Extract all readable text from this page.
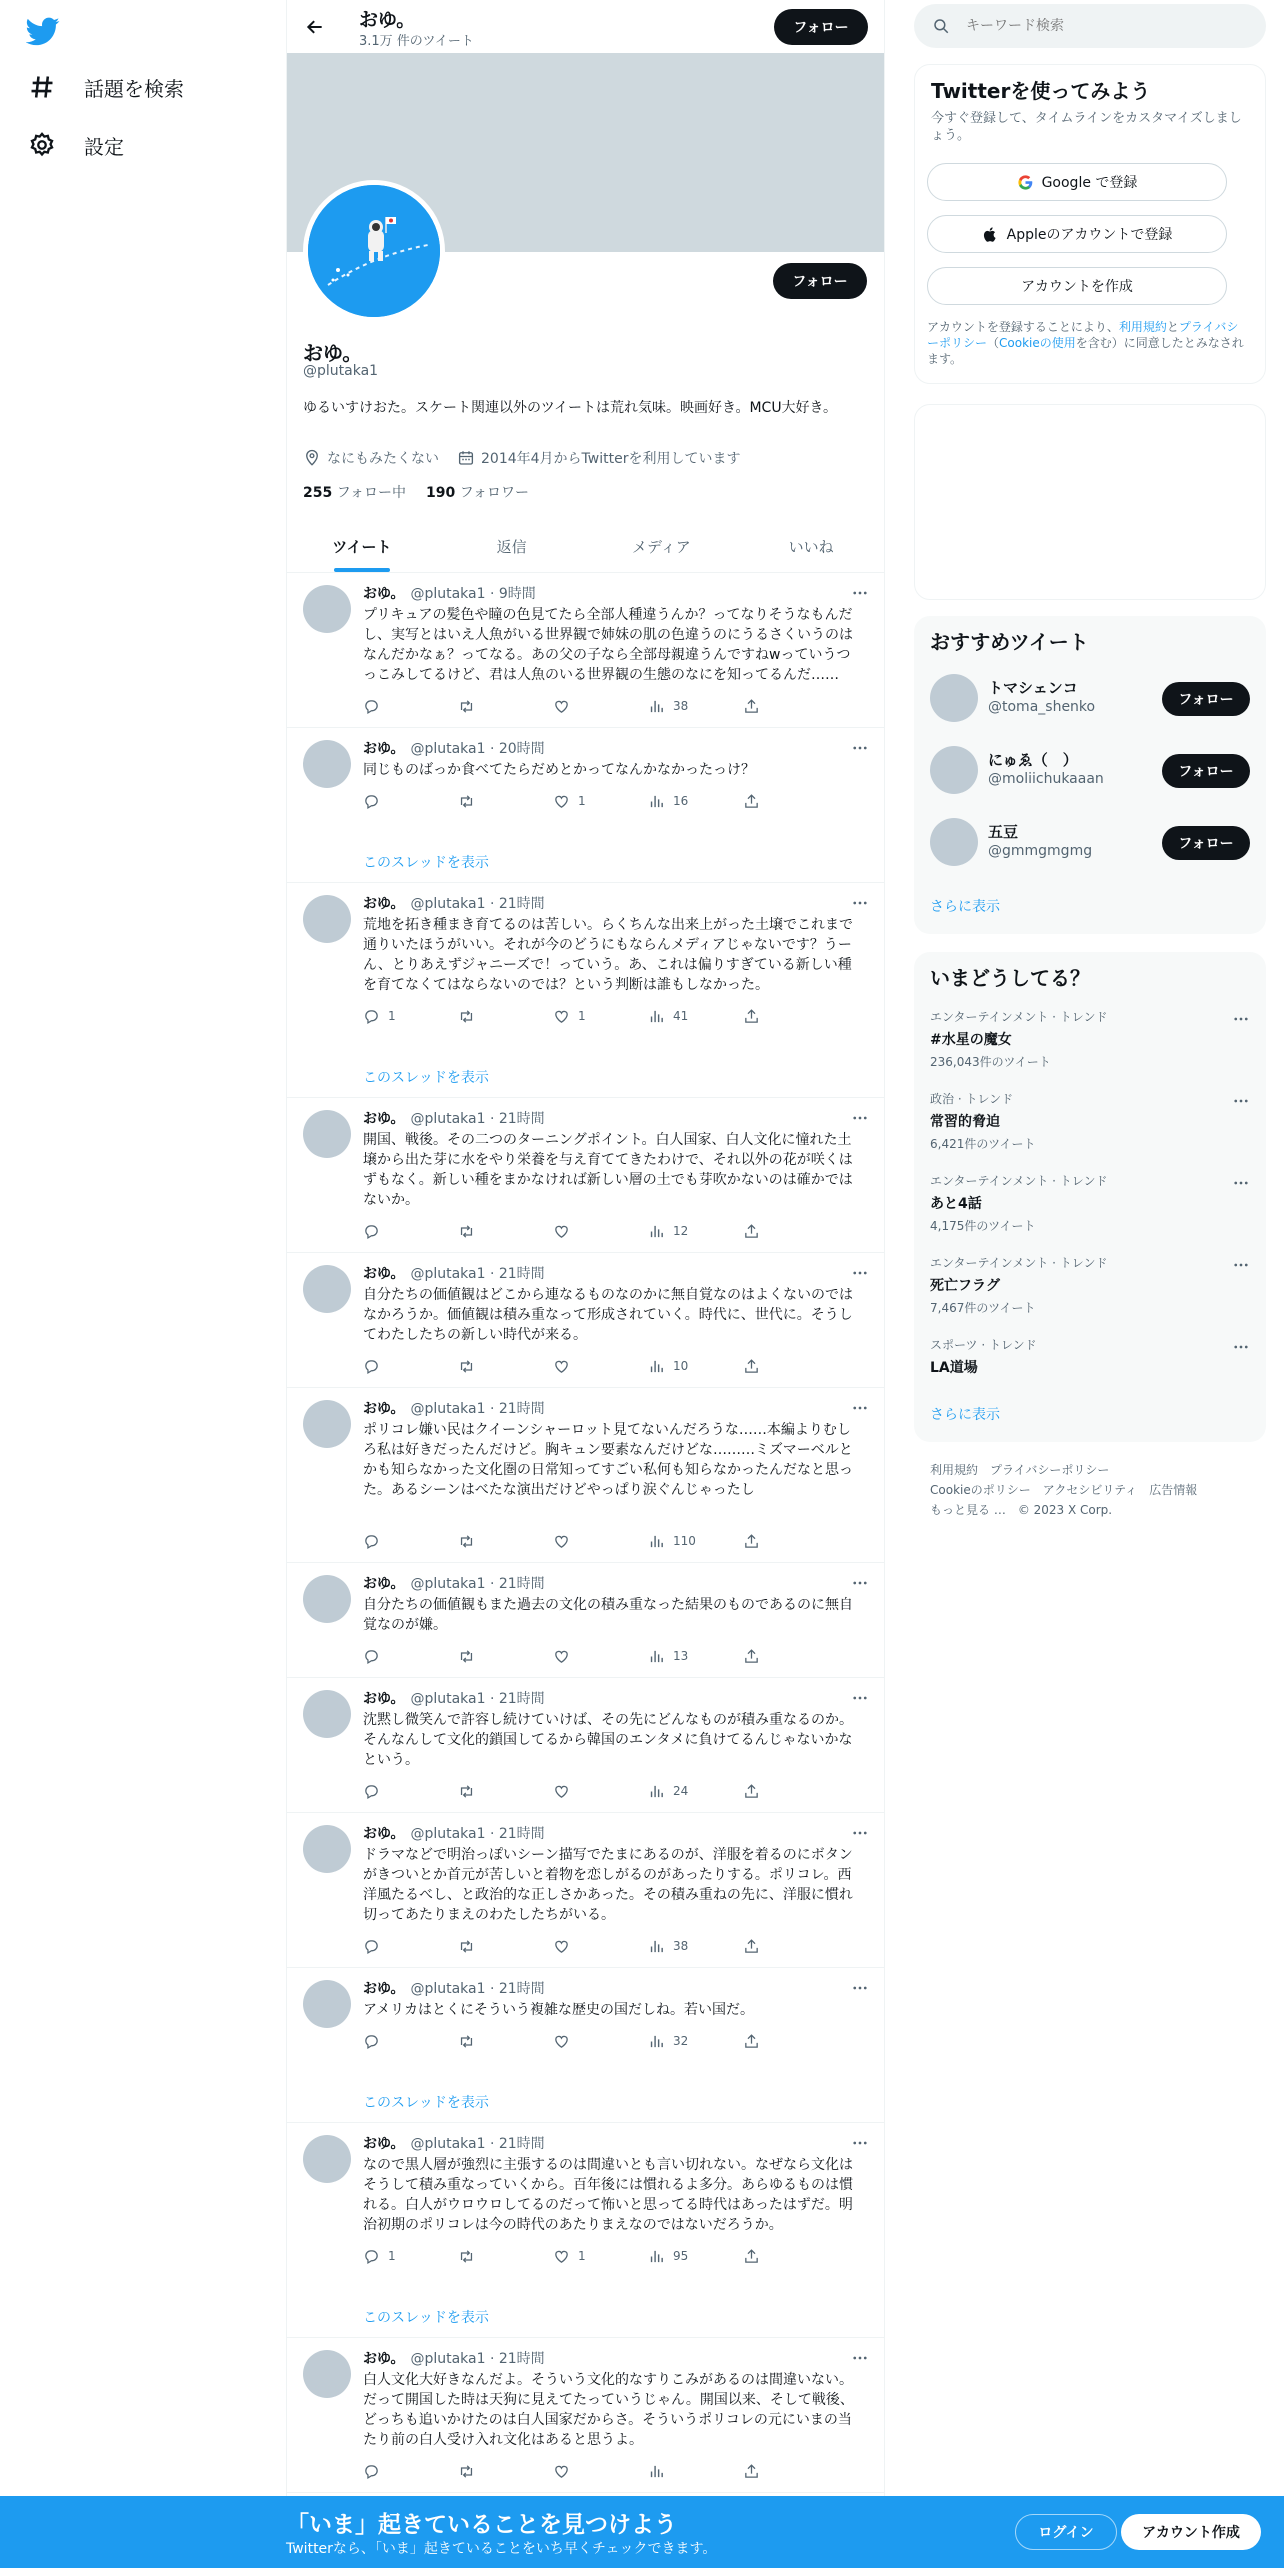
話題を検索
設定
おゆ。
3.1万 件のツイート
フォロー
フォロー
おゆ。
@plutaka1
ゆるいすけおた。スケート関連以外のツイートは荒れ気味。映画好き。MCU大好き。
なにもみたくない	2014年4月からTwitterを利用しています
255 フォロー中 190 フォロワー
ツイート	返信	メディア	いいね
おゆ。 @plutaka1 · 9時間
プリキュアの髪色や瞳の色見てたら全部人種違うんか？ってなりそうなもんだし、実写とはいえ人魚がいる世界観で姉妹の肌の色違うのにうるさくいうのはなんだかなぁ？ってなる。あの父の子なら全部母親違うんですねwっていうつっこみしてるけど、君は人魚のいる世界観の生態のなにを知ってるんだ……
38
おゆ。 @plutaka1 · 20時間
同じものばっか食べてたらだめとかってなんかなかったっけ？
1	16
このスレッドを表示
おゆ。 @plutaka1 · 21時間
荒地を拓き種まき育てるのは苦しい。らくちんな出来上がった土壌でこれまで通りいたほうがいい。それが今のどうにもならんメディアじゃないです？うーん、とりあえずジャニーズで！っていう。あ、これは偏りすぎている新しい種を育てなくてはならないのでは？という判断は誰もしなかった。
1	1	41
このスレッドを表示
おゆ。 @plutaka1 · 21時間
開国、戦後。その二つのターニングポイント。白人国家、白人文化に憧れた土壌から出た芽に水をやり栄養を与え育ててきたわけで、それ以外の花が咲くはずもなく。新しい種をまかなければ新しい層の土でも芽吹かないのは確かではないか。
12
おゆ。 @plutaka1 · 21時間
自分たちの価値観はどこから連なるものなのかに無自覚なのはよくないのではなかろうか。価値観は積み重なって形成されていく。時代に、世代に。そうしてわたしたちの新しい時代が来る。
10
おゆ。 @plutaka1 · 21時間
ポリコレ嫌い民はクイーンシャーロット見てないんだろうな……本編よりむしろ私は好きだったんだけど。胸キュン要素なんだけどな………ミズマーベルとかも知らなかった文化圏の日常知ってすごい私何も知らなかったんだなと思った。あるシーンはべたな演出だけどやっぱり涙ぐんじゃったし
110
おゆ。 @plutaka1 · 21時間
自分たちの価値観もまた過去の文化の積み重なった結果のものであるのに無自覚なのが嫌。
13
おゆ。 @plutaka1 · 21時間
沈黙し微笑んで許容し続けていけば、その先にどんなものが積み重なるのか。そんなんして文化的鎖国してるから韓国のエンタメに負けてるんじゃないかなという。
24
おゆ。 @plutaka1 · 21時間
ドラマなどで明治っぽいシーン描写でたまにあるのが、洋服を着るのにボタンがきついとか首元が苦しいと着物を恋しがるのがあったりする。ポリコレ。西洋風たるべし、と政治的な正しさかあった。その積み重ねの先に、洋服に慣れ切ってあたりまえのわたしたちがいる。
38
おゆ。 @plutaka1 · 21時間
アメリカはとくにそういう複雑な歴史の国だしね。若い国だ。
32
このスレッドを表示
おゆ。 @plutaka1 · 21時間
なので黒人層が強烈に主張するのは間違いとも言い切れない。なぜなら文化はそうして積み重なっていくから。百年後には慣れるよ多分。あらゆるものは慣れる。白人がウロウロしてるのだって怖いと思ってる時代はあったはずだ。明治初期のポリコレは今の時代のあたりまえなのではないだろうか。
1	1	95
このスレッドを表示
おゆ。 @plutaka1 · 21時間
白人文化大好きなんだよ。そういう文化的なすりこみがあるのは間違いない。だって開国した時は天狗に見えてたっていうじゃん。開国以来、そして戦後、どっちも追いかけたのは白人国家だからさ。そういうポリコレの元にいまの当たり前の白人受け入れ文化はあると思うよ。
キーワード検索
Twitterを使ってみよう
今すぐ登録して、タイムラインをカスタマイズしましょう。
Google で登録
Appleのアカウントで登録
アカウントを作成
アカウントを登録することにより、利用規約とプライバシーポリシー（Cookieの使用を含む）に同意したとみなされます。
おすすめツイート
トマシェンコ
@toma_shenko	フォロー
にゅゑ（　）
@moliichukaaan	フォロー
五豆
@gmmgmgmg	フォロー
さらに表示
いまどうしてる？
エンターテインメント · トレンド
#水星の魔女
236,043件のツイート
政治 · トレンド
常習的脅迫
6,421件のツイート
エンターテインメント · トレンド
あと4話
4,175件のツイート
エンターテインメント · トレンド
死亡フラグ
7,467件のツイート
スポーツ · トレンド
LA道場
さらに表示
利用規約 プライバシーポリシー
Cookieのポリシー アクセシビリティ 広告情報
もっと見る … © 2023 X Corp.
「いま」起きていることを見つけよう
Twitterなら、「いま」起きていることをいち早くチェックできます。
ログイン	アカウント作成
